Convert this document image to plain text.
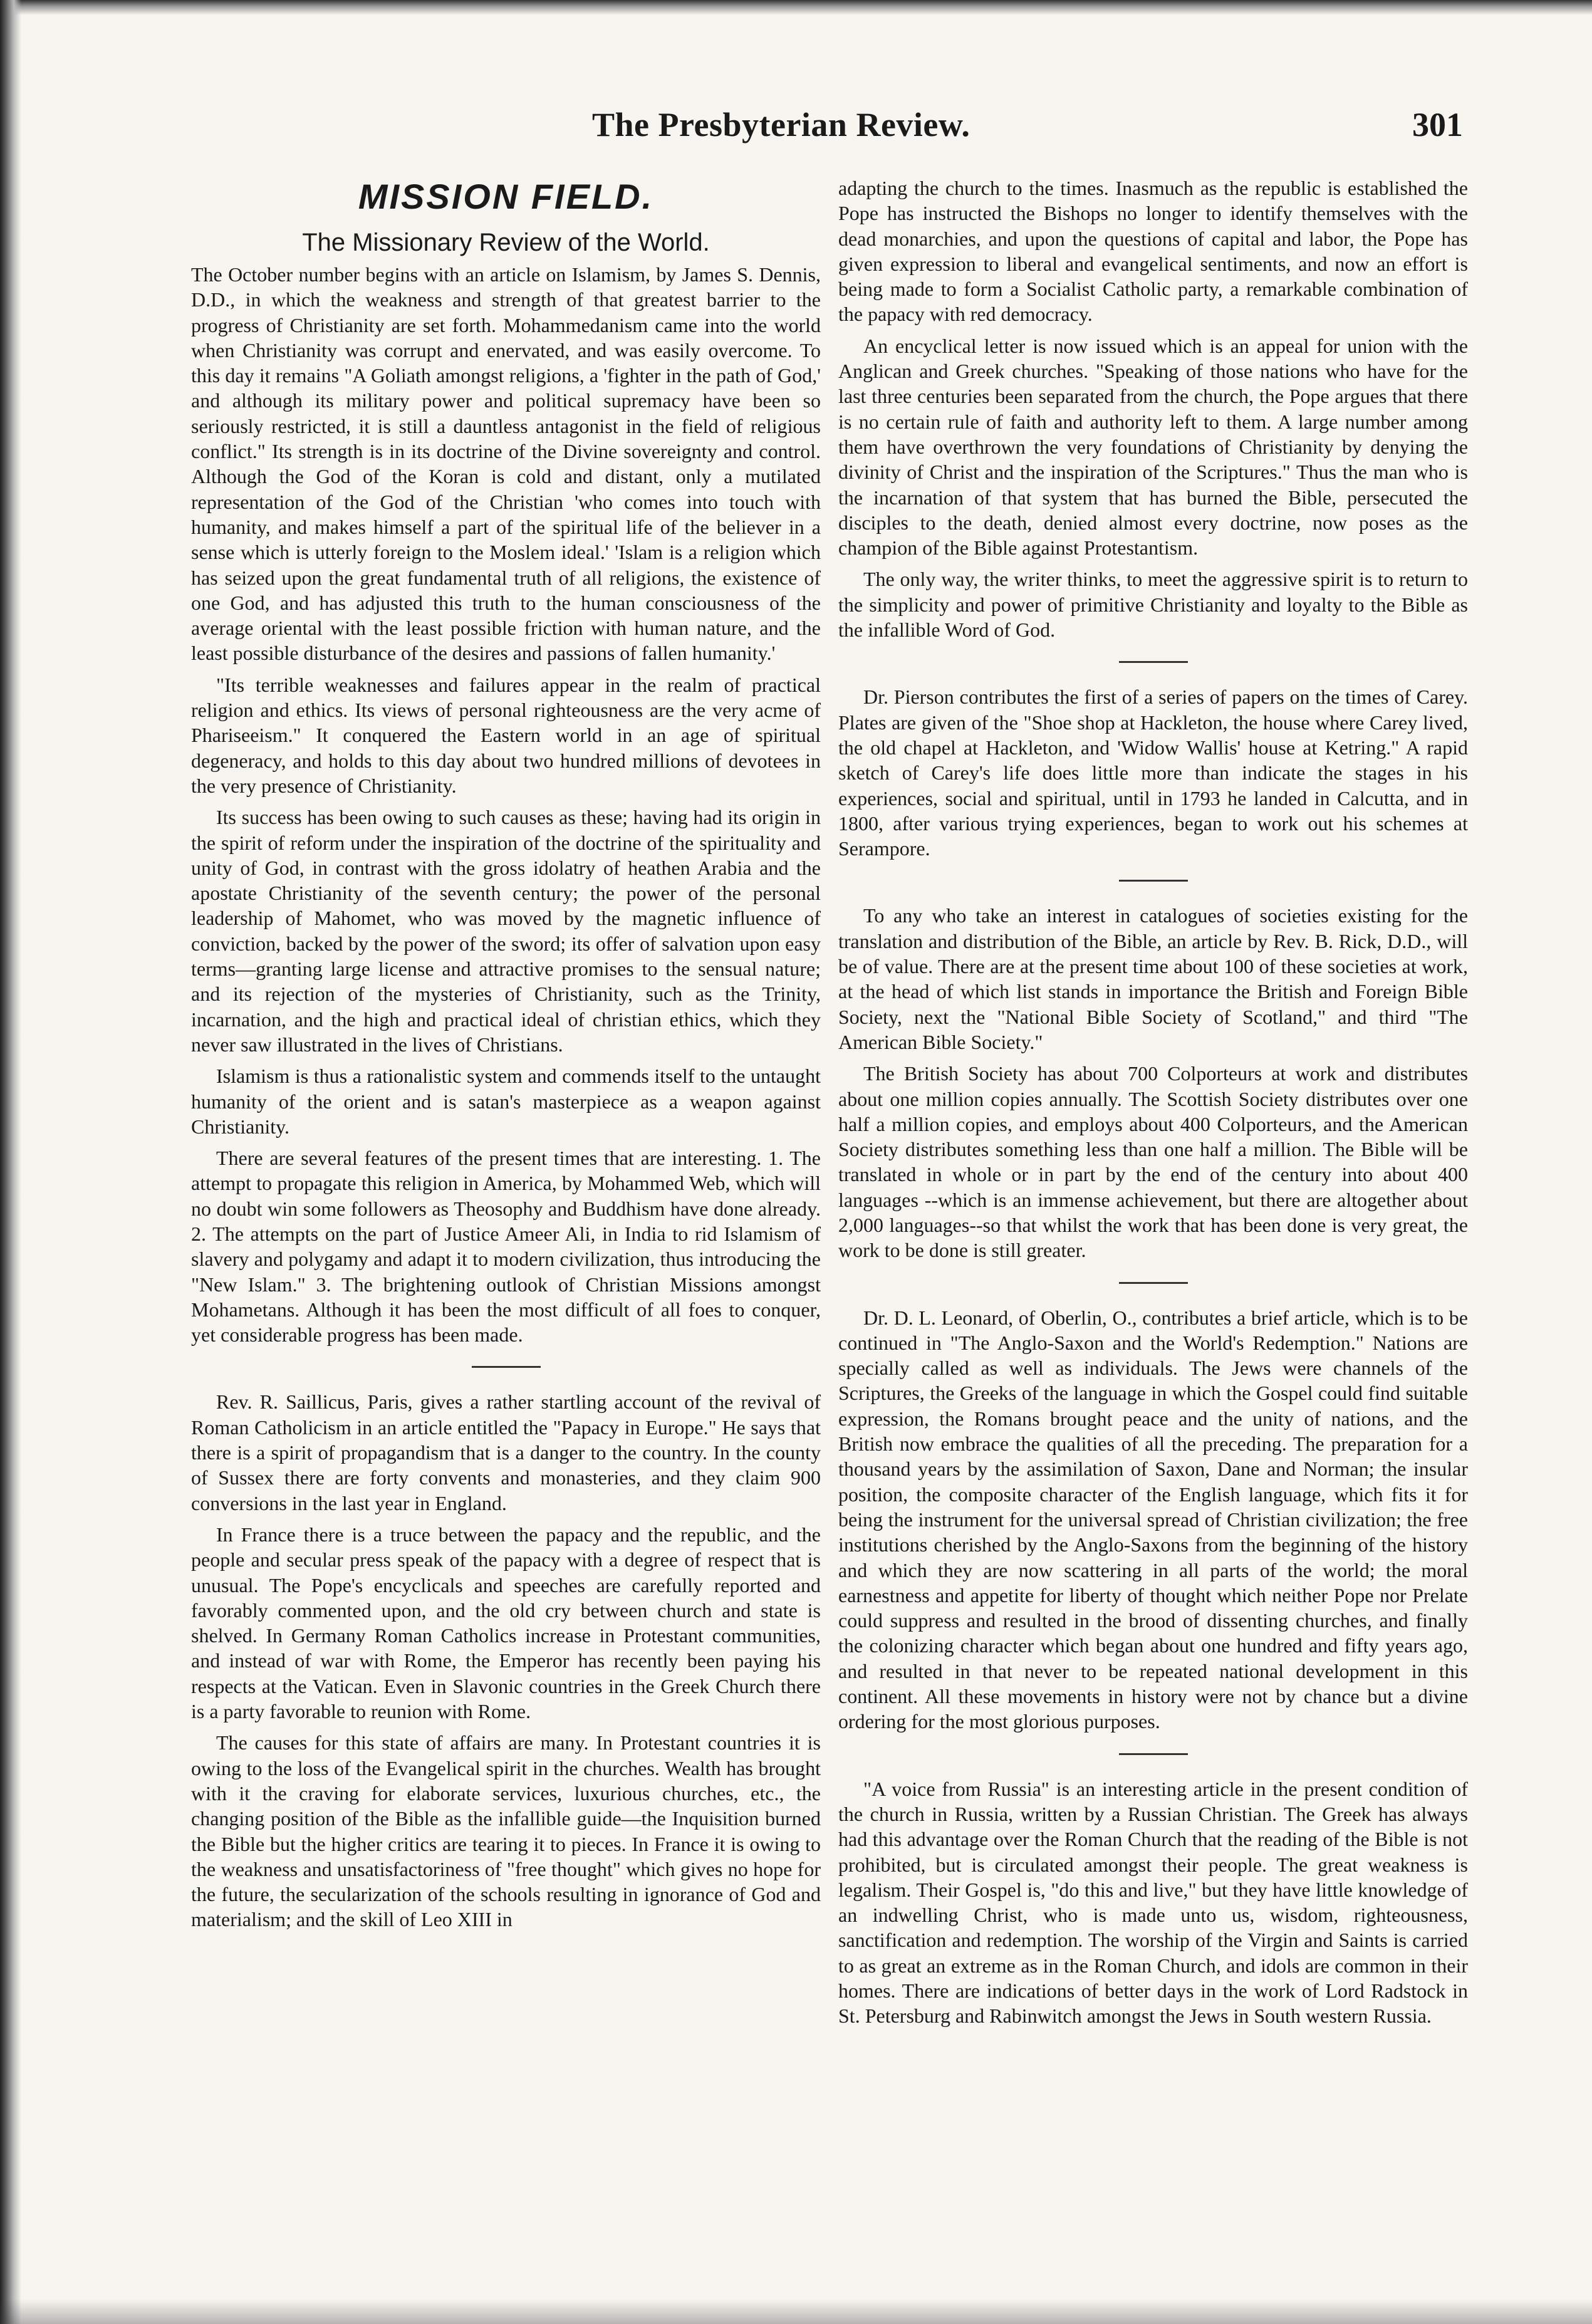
The Presbyterian Review.	301
MISSION FIELD.
The Missionary Review of the World.

The October number begins with an article on Islamism, by James S. Dennis, D.D., in which the weakness and strength of that greatest barrier to the progress of Christianity are set forth. Mohammedanism came into the world when Christianity was corrupt and enervated, and was easily overcome. To this day it remains "A Goliath amongst religions, a 'fighter in the path of God,' and although its military power and political supremacy have been so seriously restricted, it is still a dauntless antagonist in the field of religious conflict." Its strength is in its doctrine of the Divine sovereignty and control. Although the God of the Koran is cold and distant, only a mutilated representation of the God of the Christian 'who comes into touch with humanity, and makes himself a part of the spiritual life of the believer in a sense which is utterly foreign to the Moslem ideal.' 'Islam is a religion which has seized upon the great fundamental truth of all religions, the existence of one God, and has adjusted this truth to the human consciousness of the average oriental with the least possible friction with human nature, and the least possible disturbance of the desires and passions of fallen humanity.'

"Its terrible weaknesses and failures appear in the realm of practical religion and ethics. Its views of personal righteousness are the very acme of Phariseeism." It conquered the Eastern world in an age of spiritual degeneracy, and holds to this day about two hundred millions of devotees in the very presence of Christianity.

Its success has been owing to such causes as these; having had its origin in the spirit of reform under the inspiration of the doctrine of the spirituality and unity of God, in contrast with the gross idolatry of heathen Arabia and the apostate Christianity of the seventh century; the power of the personal leadership of Mahomet, who was moved by the magnetic influence of conviction, backed by the power of the sword; its offer of salvation upon easy terms—granting large license and attractive promises to the sensual nature; and its rejection of the mysteries of Christianity, such as the Trinity, incarnation, and the high and practical ideal of christian ethics, which they never saw illustrated in the lives of Christians.

Islamism is thus a rationalistic system and commends itself to the untaught humanity of the orient and is satan's masterpiece as a weapon against Christianity.

There are several features of the present times that are interesting. 1. The attempt to propagate this religion in America, by Mohammed Web, which will no doubt win some followers as Theosophy and Buddhism have done already. 2. The attempts on the part of Justice Ameer Ali, in India to rid Islamism of slavery and polygamy and adapt it to modern civilization, thus introducing the "New Islam." 3. The brightening outlook of Christian Missions amongst Mohametans. Although it has been the most difficult of all foes to conquer, yet considerable progress has been made.

Rev. R. Saillicus, Paris, gives a rather startling account of the revival of Roman Catholicism in an article entitled the "Papacy in Europe." He says that there is a spirit of propagandism that is a danger to the country. In the county of Sussex there are forty convents and monasteries, and they claim 900 conversions in the last year in England.

In France there is a truce between the papacy and the republic, and the people and secular press speak of the papacy with a degree of respect that is unusual. The Pope's encyclicals and speeches are carefully reported and favorably commented upon, and the old cry between church and state is shelved. In Germany Roman Catholics increase in Protestant communities, and instead of war with Rome, the Emperor has recently been paying his respects at the Vatican. Even in Slavonic countries in the Greek Church there is a party favorable to reunion with Rome.

The causes for this state of affairs are many. In Protestant countries it is owing to the loss of the Evangelical spirit in the churches. Wealth has brought with it the craving for elaborate services, luxurious churches, etc., the changing position of the Bible as the infallible guide—the Inquisition burned the Bible but the higher critics are tearing it to pieces. In France it is owing to the weakness and unsatisfactoriness of "free thought" which gives no hope for the future, the secularization of the schools resulting in ignorance of God and materialism; and the skill of Leo XIII in

adapting the church to the times. Inasmuch as the republic is established the Pope has instructed the Bishops no longer to identify themselves with the dead monarchies, and upon the questions of capital and labor, the Pope has given expression to liberal and evangelical sentiments, and now an effort is being made to form a Socialist Catholic party, a remarkable combination of the papacy with red democracy.

An encyclical letter is now issued which is an appeal for union with the Anglican and Greek churches. "Speaking of those nations who have for the last three centuries been separated from the church, the Pope argues that there is no certain rule of faith and authority left to them. A large number among them have overthrown the very foundations of Christianity by denying the divinity of Christ and the inspiration of the Scriptures." Thus the man who is the incarnation of that system that has burned the Bible, persecuted the disciples to the death, denied almost every doctrine, now poses as the champion of the Bible against Protestantism.

The only way, the writer thinks, to meet the aggressive spirit is to return to the simplicity and power of primitive Christianity and loyalty to the Bible as the infallible Word of God.

Dr. Pierson contributes the first of a series of papers on the times of Carey. Plates are given of the "Shoe shop at Hackleton, the house where Carey lived, the old chapel at Hackleton, and 'Widow Wallis' house at Ketring." A rapid sketch of Carey's life does little more than indicate the stages in his experiences, social and spiritual, until in 1793 he landed in Calcutta, and in 1800, after various trying experiences, began to work out his schemes at Serampore.

To any who take an interest in catalogues of societies existing for the translation and distribution of the Bible, an article by Rev. B. Rick, D.D., will be of value. There are at the present time about 100 of these societies at work, at the head of which list stands in importance the British and Foreign Bible Society, next the "National Bible Society of Scotland," and third "The American Bible Society."

The British Society has about 700 Colporteurs at work and distributes about one million copies annually. The Scottish Society distributes over one half a million copies, and employs about 400 Colporteurs, and the American Society distributes something less than one half a million. The Bible will be translated in whole or in part by the end of the century into about 400 languages --which is an immense achievement, but there are altogether about 2,000 languages--so that whilst the work that has been done is very great, the work to be done is still greater.

Dr. D. L. Leonard, of Oberlin, O., contributes a brief article, which is to be continued in "The Anglo-Saxon and the World's Redemption." Nations are specially called as well as individuals. The Jews were channels of the Scriptures, the Greeks of the language in which the Gospel could find suitable expression, the Romans brought peace and the unity of nations, and the British now embrace the qualities of all the preceding. The preparation for a thousand years by the assimilation of Saxon, Dane and Norman; the insular position, the composite character of the English language, which fits it for being the instrument for the universal spread of Christian civilization; the free institutions cherished by the Anglo-Saxons from the beginning of the history and which they are now scattering in all parts of the world; the moral earnestness and appetite for liberty of thought which neither Pope nor Prelate could suppress and resulted in the brood of dissenting churches, and finally the colonizing character which began about one hundred and fifty years ago, and resulted in that never to be repeated national development in this continent. All these movements in history were not by chance but a divine ordering for the most glorious purposes.

"A voice from Russia" is an interesting article in the present condition of the church in Russia, written by a Russian Christian. The Greek has always had this advantage over the Roman Church that the reading of the Bible is not prohibited, but is circulated amongst their people. The great weakness is legalism. Their Gospel is, "do this and live," but they have little knowledge of an indwelling Christ, who is made unto us, wisdom, righteousness, sanctification and redemption. The worship of the Virgin and Saints is carried to as great an extreme as in the Roman Church, and idols are common in their homes. There are indications of better days in the work of Lord Radstock in St. Petersburg and Rabinwitch amongst the Jews in South western Russia.
